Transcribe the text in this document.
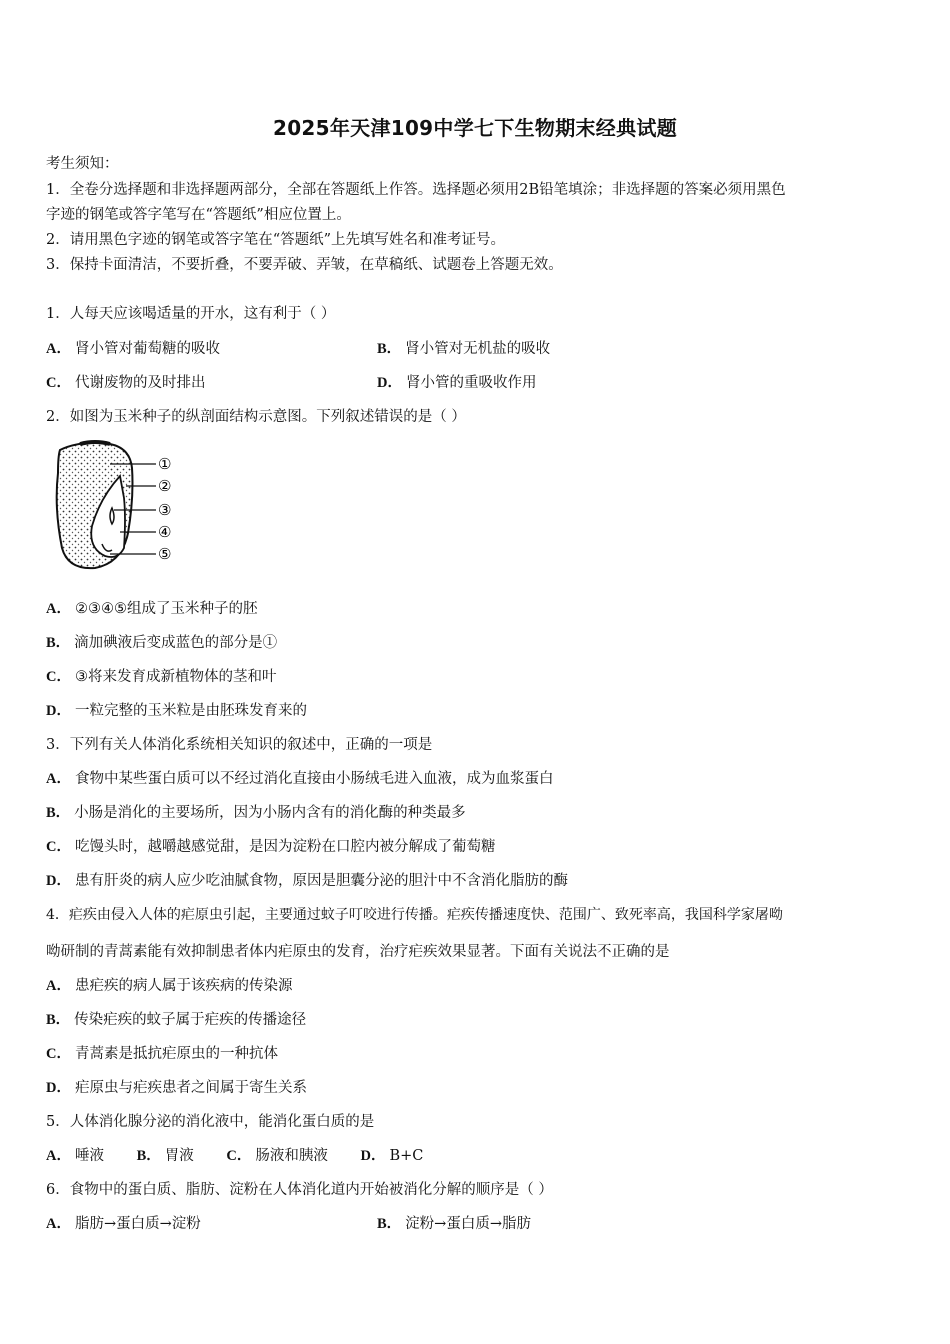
2025年天津109中学七下生物期末经典试题
考生须知：
1．全卷分选择题和非选择题两部分，全部在答题纸上作答。选择题必须用2B铅笔填涂；非选择题的答案必须用黑色
字迹的钢笔或答字笔写在“答题纸”相应位置上。
2．请用黑色字迹的钢笔或答字笔在“答题纸”上先填写姓名和准考证号。
3．保持卡面清洁，不要折叠，不要弄破、弄皱，在草稿纸、试题卷上答题无效。
1．人每天应该喝适量的开水，这有利于（ ）
A． 肾小管对葡萄糖的吸收	B． 肾小管对无机盐的吸收
C． 代谢废物的及时排出	D． 肾小管的重吸收作用
2．如图为玉米种子的纵剖面结构示意图。下列叙述错误的是（ ）
①
②
③
④
⑤
A． ②③④⑤组成了玉米种子的胚
B． 滴加碘液后变成蓝色的部分是①
C． ③将来发育成新植物体的茎和叶
D． 一粒完整的玉米粒是由胚珠发育来的
3．下列有关人体消化系统相关知识的叙述中，正确的一项是
A． 食物中某些蛋白质可以不经过消化直接由小肠绒毛进入血液，成为血浆蛋白
B． 小肠是消化的主要场所，因为小肠内含有的消化酶的种类最多
C． 吃馒头时，越嚼越感觉甜，是因为淀粉在口腔内被分解成了葡萄糖
D． 患有肝炎的病人应少吃油腻食物，原因是胆囊分泌的胆汁中不含消化脂肪的酶
4．疟疾由侵入人体的疟原虫引起，主要通过蚊子叮咬进行传播。疟疾传播速度快、范围广、致死率高，我国科学家屠呦
呦研制的青蒿素能有效抑制患者体内疟原虫的发育，治疗疟疾效果显著。下面有关说法不正确的是
A． 患疟疾的病人属于该疾病的传染源
B． 传染疟疾的蚊子属于疟疾的传播途径
C． 青蒿素是抵抗疟原虫的一种抗体
D． 疟原虫与疟疾患者之间属于寄生关系
5．人体消化腺分泌的消化液中，能消化蛋白质的是
A． 唾液 B． 胃液 C． 肠液和胰液 D． B+C
6．食物中的蛋白质、脂肪、淀粉在人体消化道内开始被消化分解的顺序是（ ）
A． 脂肪→蛋白质→淀粉	B． 淀粉→蛋白质→脂肪
